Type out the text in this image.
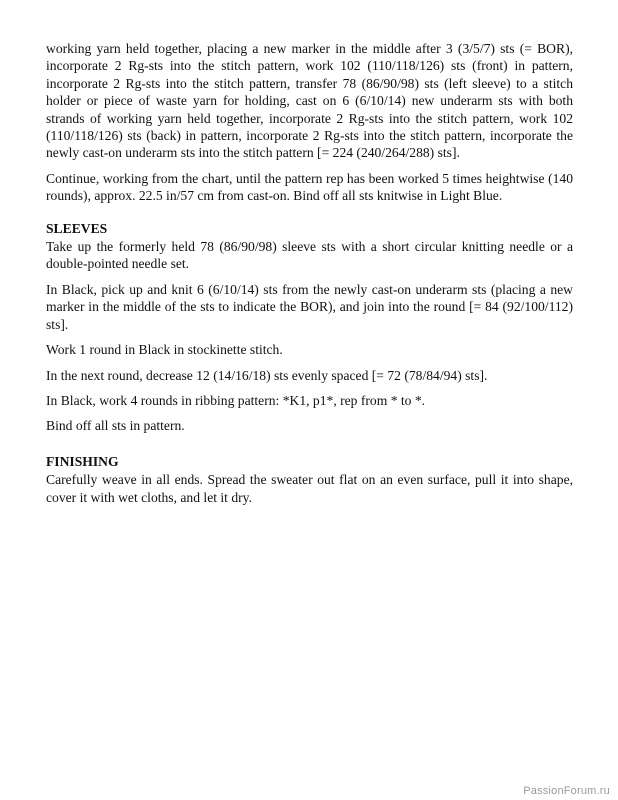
working yarn held together, placing a new marker in the middle after 3 (3/5/7) sts (= BOR), incorporate 2 Rg-sts into the stitch pattern, work 102 (110/118/126) sts (front) in pattern, incorporate 2 Rg-sts into the stitch pattern, transfer 78 (86/90/98) sts (left sleeve) to a stitch holder or piece of waste yarn for holding, cast on 6 (6/10/14) new underarm sts with both strands of working yarn held together, incorporate 2 Rg-sts into the stitch pattern, work 102 (110/118/126) sts (back) in pattern, incorporate 2 Rg-sts into the stitch pattern, incorporate the newly cast-on underarm sts into the stitch pattern [= 224 (240/264/288) sts].

Continue, working from the chart, until the pattern rep has been worked 5 times heightwise (140 rounds), approx. 22.5 in/57 cm from cast-on. Bind off all sts knitwise in Light Blue.

SLEEVES

Take up the formerly held 78 (86/90/98) sleeve sts with a short circular knitting needle or a double-pointed needle set.

In Black, pick up and knit 6 (6/10/14) sts from the newly cast-on underarm sts (placing a new marker in the middle of the sts to indicate the BOR), and join into the round [= 84 (92/100/112) sts].

Work 1 round in Black in stockinette stitch.

In the next round, decrease 12 (14/16/18) sts evenly spaced [= 72 (78/84/94) sts].

In Black, work 4 rounds in ribbing pattern: *K1, p1*, rep from * to *.

Bind off all sts in pattern.

FINISHING

Carefully weave in all ends. Spread the sweater out flat on an even surface, pull it into shape, cover it with wet cloths, and let it dry.

PassionForum.ru
